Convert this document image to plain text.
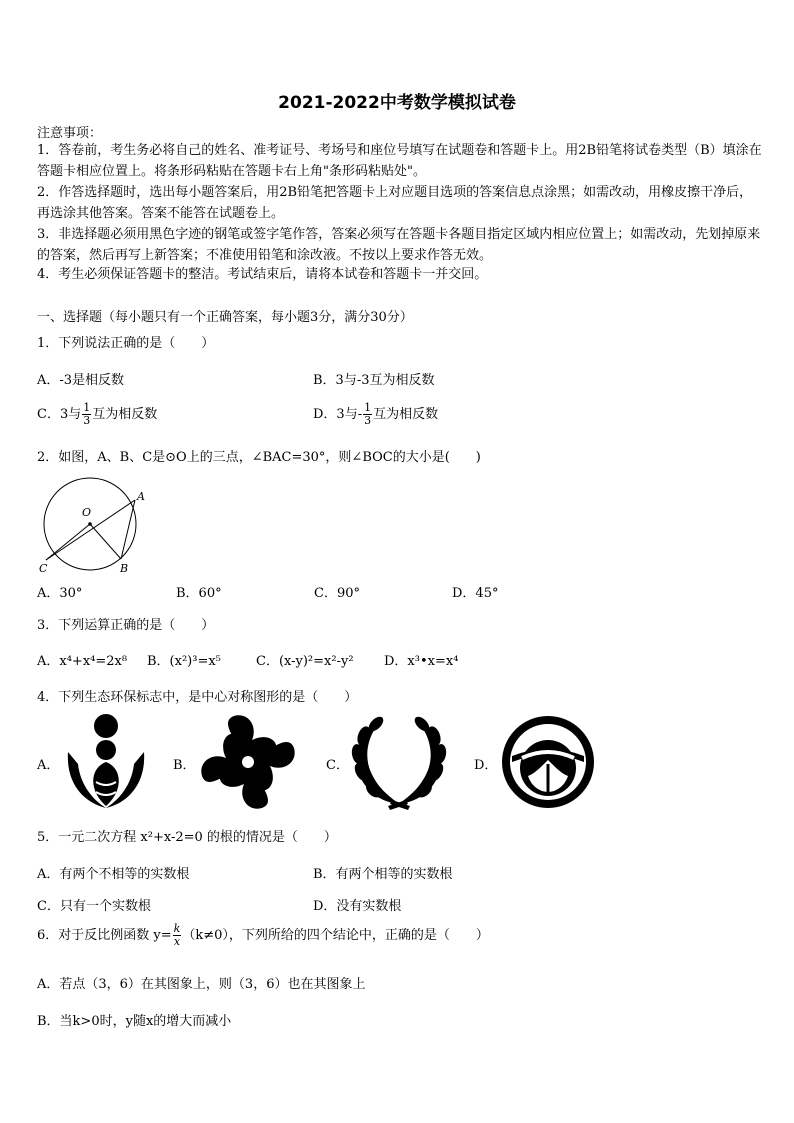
2021-2022中考数学模拟试卷
注意事项：
1．答卷前，考生务必将自己的姓名、准考证号、考场号和座位号填写在试题卷和答题卡上。用2B铅笔将试卷类型（B）填涂在答题卡相应位置上。将条形码粘贴在答题卡右上角"条形码粘贴处"。
2．作答选择题时，选出每小题答案后，用2B铅笔把答题卡上对应题目选项的答案信息点涂黑；如需改动，用橡皮擦干净后，再选涂其他答案。答案不能答在试题卷上。
3．非选择题必须用黑色字迹的钢笔或签字笔作答，答案必须写在答题卡各题目指定区域内相应位置上；如需改动，先划掉原来的答案，然后再写上新答案；不准使用铅笔和涂改液。不按以上要求作答无效。
4．考生必须保证答题卡的整洁。考试结束后，请将本试卷和答题卡一并交回。
一、选择题（每小题只有一个正确答案，每小题3分，满分30分）
1．下列说法正确的是（　　）
A．-3是相反数	B．3与-3互为相反数
C．3与 $\frac{1}{3}$ 互为相反数	D．3与- $\frac{1}{3}$ 互为相反数
2．如图，A、B、C是⊙O上的三点，∠BAC=30°，则∠BOC的大小是(　　)
O
A
B
C
A．30°	B．60°	C．90°	D．45°
3．下列运算正确的是（　　）
A．x⁴+x⁴=2x⁸ B．(x²)³=x⁵	C．(x-y)²=x²-y² D．x³•x=x⁴
4．下列生态环保标志中，是中心对称图形的是（　　）
A．	B．	C．	D．
5．一元二次方程 x²+x-2=0 的根的情况是（　　）
A．有两个不相等的实数根	B．有两个相等的实数根
C．只有一个实数根	D．没有实数根
6．对于反比例函数 $y= \frac{k}{x} (k\ne 0)$，下列所给的四个结论中，正确的是（　　）
A．若点（3，6）在其图象上，则（3，6）也在其图象上
B．当k>0时，y随x的增大而减小
